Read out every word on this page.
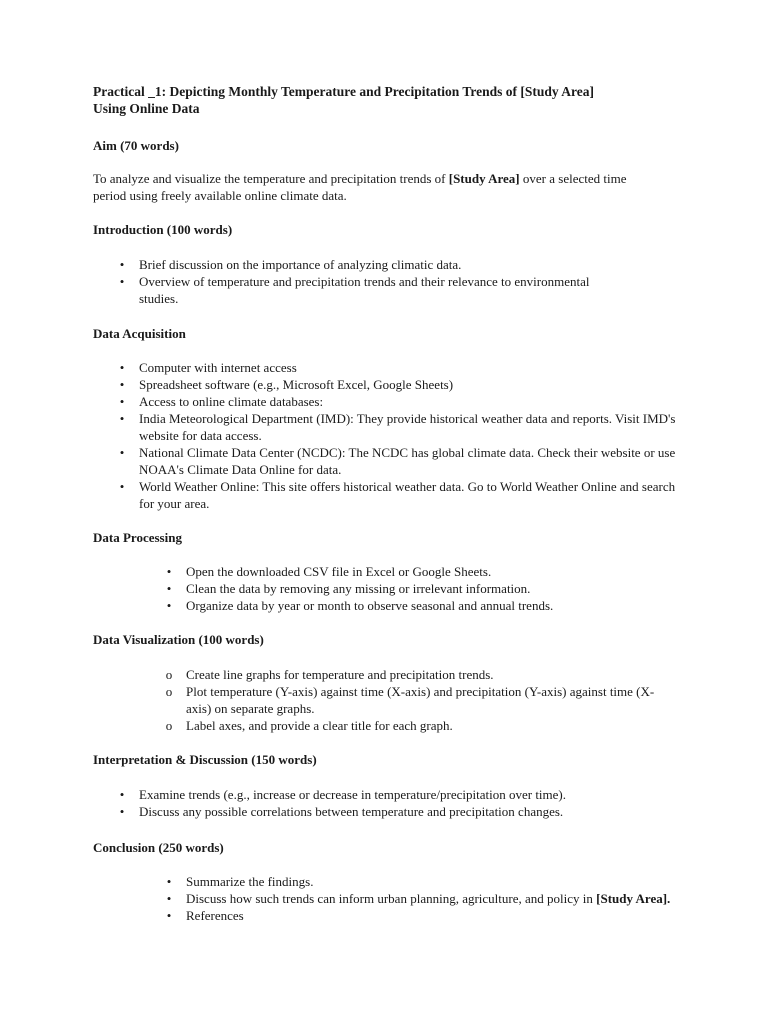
Practical _1: Depicting Monthly Temperature and Precipitation Trends of [Study Area]
Using Online Data
Aim (70 words)
To analyze and visualize the temperature and precipitation trends of [Study Area] over a selected time period using freely available online climate data.
Introduction (100 words)
• Brief discussion on the importance of analyzing climatic data.
• Overview of temperature and precipitation trends and their relevance to environmental studies.
Data Acquisition
• Computer with internet access
• Spreadsheet software (e.g., Microsoft Excel, Google Sheets)
• Access to online climate databases:
• India Meteorological Department (IMD): They provide historical weather data and reports. Visit IMD's website for data access.
• National Climate Data Center (NCDC): The NCDC has global climate data. Check their website or use NOAA's Climate Data Online for data.
• World Weather Online: This site offers historical weather data. Go to World Weather Online and search for your area.
Data Processing
• Open the downloaded CSV file in Excel or Google Sheets.
• Clean the data by removing any missing or irrelevant information.
• Organize data by year or month to observe seasonal and annual trends.
Data Visualization (100 words)
o Create line graphs for temperature and precipitation trends.
o Plot temperature (Y-axis) against time (X-axis) and precipitation (Y-axis) against time (X-axis) on separate graphs.
o Label axes, and provide a clear title for each graph.
Interpretation & Discussion (150 words)
• Examine trends (e.g., increase or decrease in temperature/precipitation over time).
• Discuss any possible correlations between temperature and precipitation changes.
Conclusion (250 words)
• Summarize the findings.
• Discuss how such trends can inform urban planning, agriculture, and policy in [Study Area].
• References
